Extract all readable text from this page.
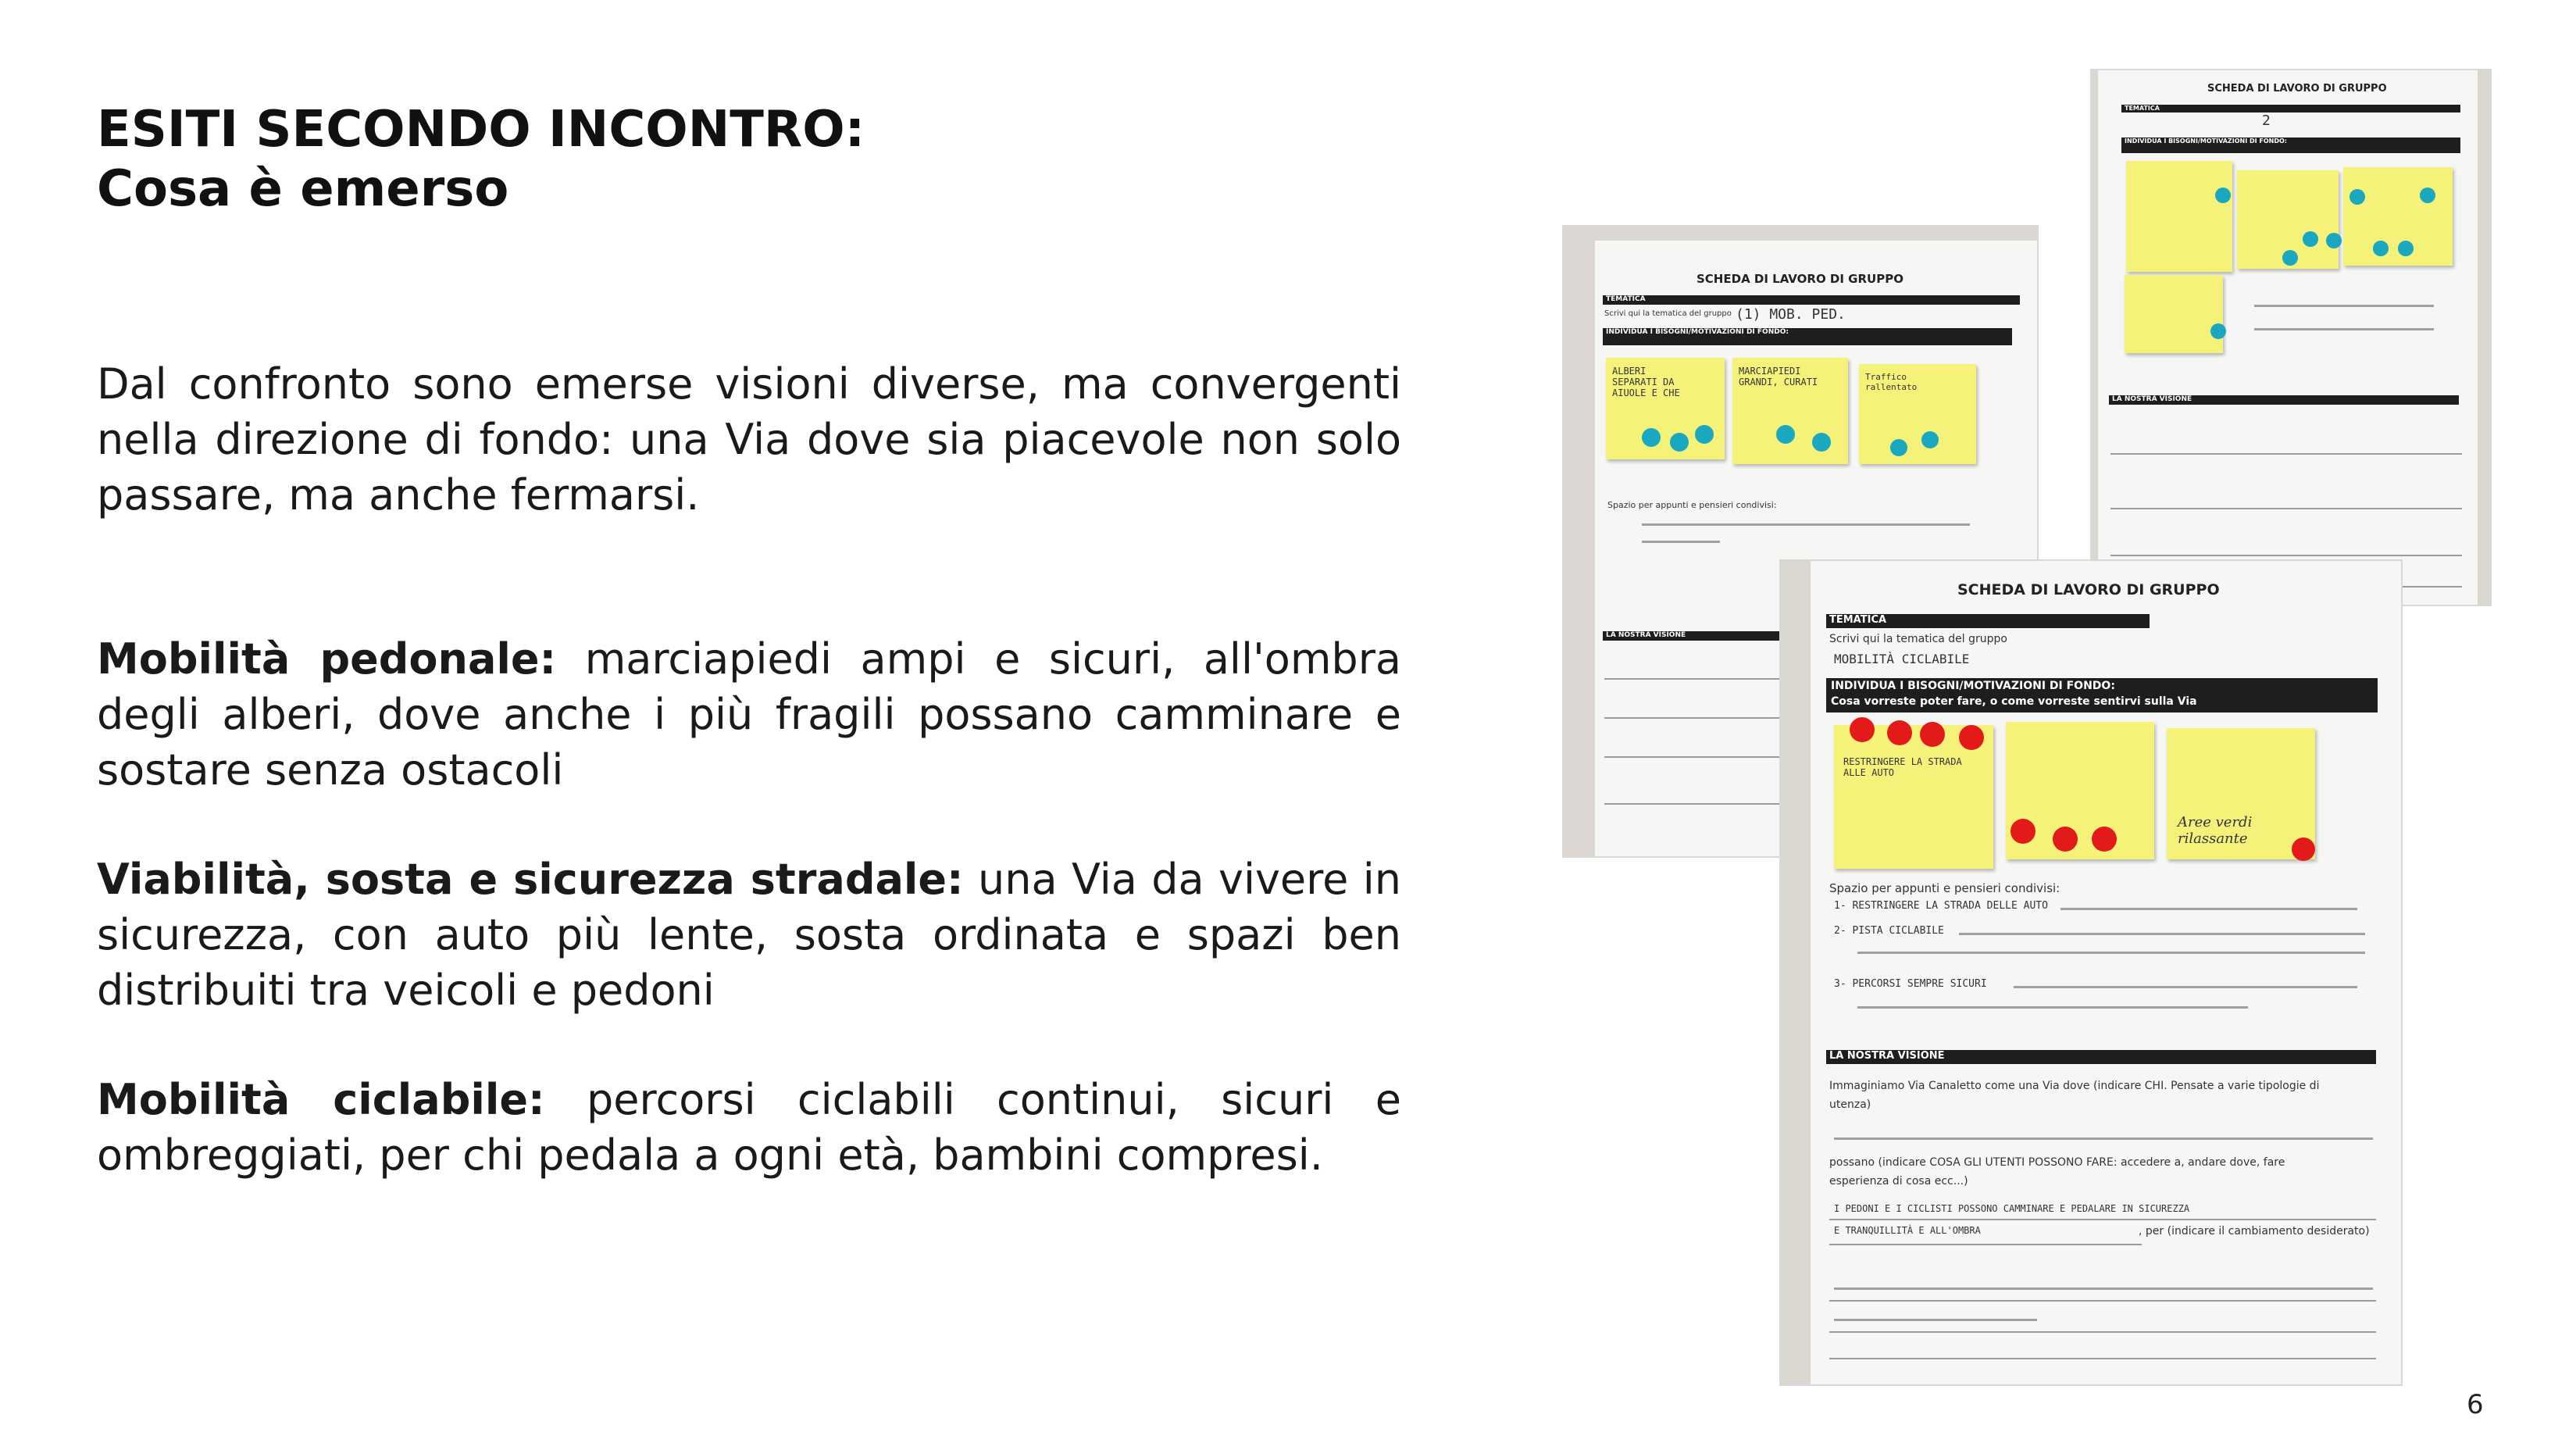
ESITI SECONDO INCONTRO:
Cosa è emerso
Dal confronto sono emerse visioni diverse, ma convergenti nella direzione di fondo: una Via dove sia piacevole non solo passare, ma anche fermarsi.
Mobilità pedonale: marciapiedi ampi e sicuri, all'ombra degli alberi, dove anche i più fragili possano camminare e sostare senza ostacoli
Viabilità, sosta e sicurezza stradale: una Via da vivere in sicurezza, con auto più lente, sosta ordinata e spazi ben distribuiti tra veicoli e pedoni
Mobilità ciclabile: percorsi ciclabili continui, sicuri e ombreggiati, per chi pedala a ogni età, bambini compresi.
SCHEDA DI LAVORO DI GRUPPO
TEMATICA
Scrivi qui la tematica del gruppo (1) MOB. PED.
INDIVIDUA I BISOGNI/MOTIVAZIONI DI FONDO:
ALBERI SEPARATI DA AIUOLE E CHE
MARCIAPIEDI GRANDI, CURATI	Traffico rallentato
Spazio per appunti e pensieri condivisi:
LA NOSTRA VISIONE
SCHEDA DI LAVORO DI GRUPPO
TEMATICA
2
INDIVIDUA I BISOGNI/MOTIVAZIONI DI FONDO:
LA NOSTRA VISIONE
SCHEDA DI LAVORO DI GRUPPO
TEMATICA
Scrivi qui la tematica del gruppo
MOBILITÀ CICLABILE
INDIVIDUA I BISOGNI/MOTIVAZIONI DI FONDO:
Cosa vorreste poter fare, o come vorreste sentirvi sulla Via
RESTRINGERE LA STRADA ALLE AUTO
Aree verdi rilassante
Spazio per appunti e pensieri condivisi:
1- RESTRINGERE LA STRADA DELLE AUTO
2- PISTA CICLABILE
3- PERCORSI SEMPRE SICURI
LA NOSTRA VISIONE
Immaginiamo Via Canaletto come una Via dove (indicare CHI. Pensate a varie tipologie di utenza)
possano (indicare COSA GLI UTENTI POSSONO FARE: accedere a, andare dove, fare esperienza di cosa ecc...)
I PEDONI E I CICLISTI POSSONO CAMMINARE E PEDALARE IN SICUREZZA
E TRANQUILLITÀ E ALL'OMBRA	, per (indicare il cambiamento desiderato)
6
